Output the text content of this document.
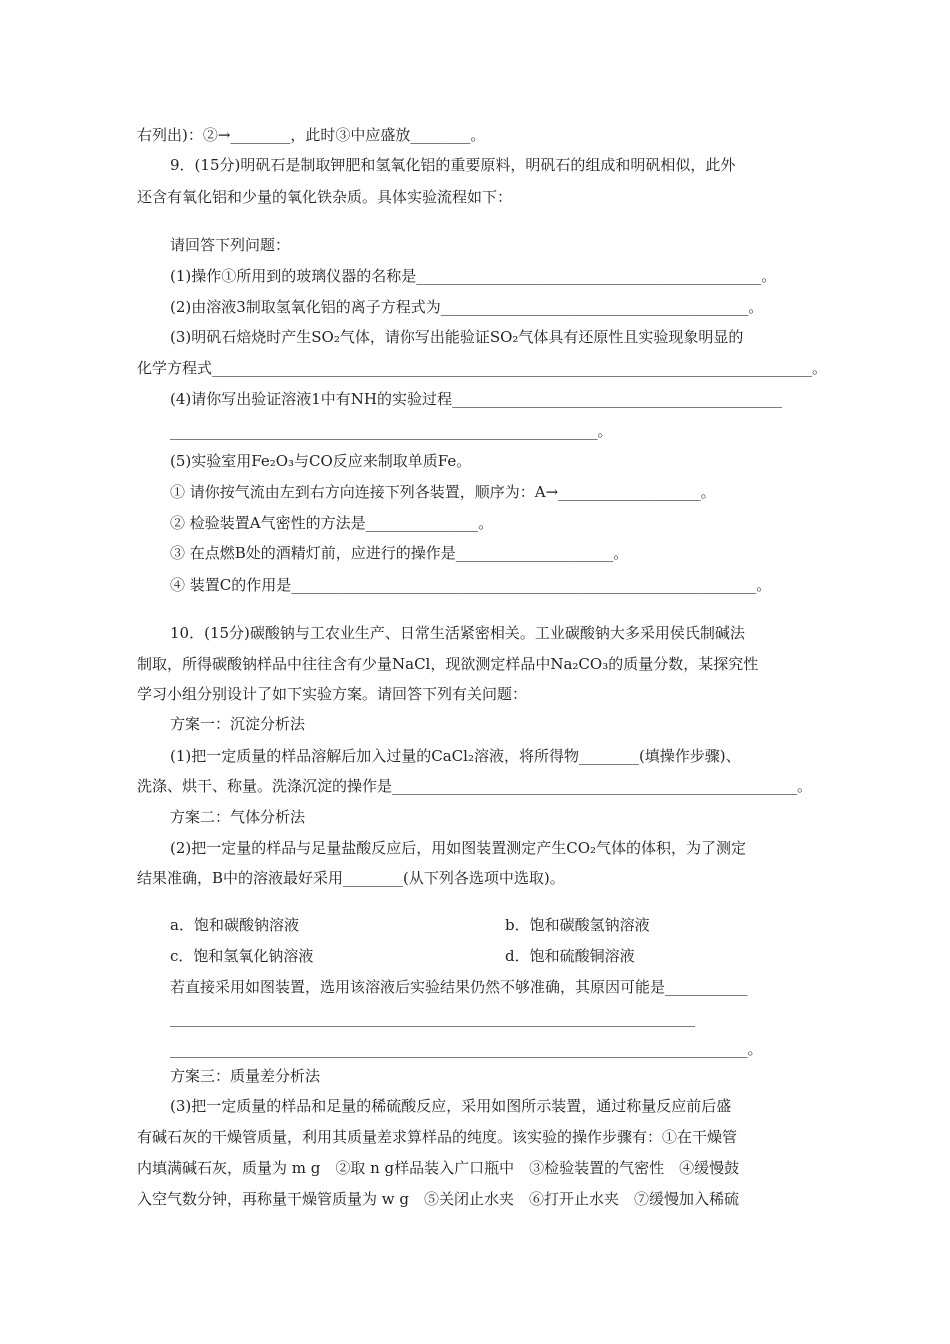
右列出)：②→________，此时③中应盛放________。
9．(15分)明矾石是制取钾肥和氢氧化铝的重要原料，明矾石的组成和明矾相似，此外
还含有氧化铝和少量的氧化铁杂质。具体实验流程如下：
请回答下列问题：
(1)操作①所用到的玻璃仪器的名称是______________________________________________。
(2)由溶液3制取氢氧化铝的离子方程式为_________________________________________。
(3)明矾石焙烧时产生SO₂气体，请你写出能验证SO₂气体具有还原性且实验现象明显的
化学方程式________________________________________________________________________________。
(4)请你写出验证溶液1中有NH的实验过程____________________________________________
_________________________________________________________。
(5)实验室用Fe₂O₃与CO反应来制取单质Fe。
① 请你按气流由左到右方向连接下列各装置，顺序为：A→___________________。
② 检验装置A气密性的方法是_______________。
③ 在点燃B处的酒精灯前，应进行的操作是_____________________。
④ 装置C的作用是______________________________________________________________。
10．(15分)碳酸钠与工农业生产、日常生活紧密相关。工业碳酸钠大多采用侯氏制碱法
制取，所得碳酸钠样品中往往含有少量NaCl，现欲测定样品中Na₂CO₃的质量分数，某探究性
学习小组分别设计了如下实验方案。请回答下列有关问题：
方案一：沉淀分析法
(1)把一定质量的样品溶解后加入过量的CaCl₂溶液，将所得物________(填操作步骤)、
洗涤、烘干、称量。洗涤沉淀的操作是______________________________________________________。
方案二：气体分析法
(2)把一定量的样品与足量盐酸反应后，用如图装置测定产生CO₂气体的体积，为了测定
结果准确，B中的溶液最好采用________(从下列各选项中选取)。
a．饱和碳酸钠溶液	b．饱和碳酸氢钠溶液
c．饱和氢氧化钠溶液	d．饱和硫酸铜溶液
若直接采用如图装置，选用该溶液后实验结果仍然不够准确，其原因可能是___________
______________________________________________________________________
_____________________________________________________________________________。
方案三：质量差分析法
(3)把一定质量的样品和足量的稀硫酸反应，采用如图所示装置，通过称量反应前后盛
有碱石灰的干燥管质量，利用其质量差求算样品的纯度。该实验的操作步骤有：①在干燥管
内填满碱石灰，质量为 m g　②取 n g样品装入广口瓶中　③检验装置的气密性　④缓慢鼓
入空气数分钟，再称量干燥管质量为 w g　⑤关闭止水夹　⑥打开止水夹　⑦缓慢加入稀硫
